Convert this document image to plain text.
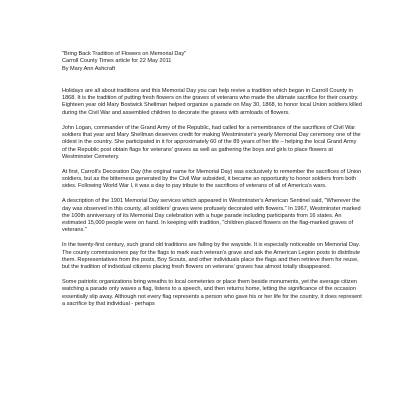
"Bring Back Tradition of Flowers on Memorial Day"

Carroll County Times article for 22 May 2011

By Mary Ann Ashcraft

Holidays are all about traditions and this Memorial Day you can help revive a tradition which began in Carroll County in 1868. It is the tradition of putting fresh flowers on the graves of veterans who made the ultimate sacrifice for their country. Eighteen year old Mary Bostwick Shellman helped organize a parade on May 30, 1868, to honor local Union soldiers killed during the Civil War and assembled children to decorate the graves with armloads of flowers.

John Logan, commander of the Grand Army of the Republic, had called for a remembrance of the sacrifices of Civil War soldiers that year and Mary Shellman deserves credit for making Westminster's yearly Memorial Day ceremony one of the oldest in the country. She participated in it for approximately 60 of the 89 years of her life – helping the local Grand Army of the Republic post obtain flags for veterans' graves as well as gathering the boys and girls to place flowers at Westminster Cemetery.

At first, Carroll's Decoration Day (the original name for Memorial Day) was exclusively to remember the sacrifices of Union soldiers, but as the bitterness generated by the Civil War subsided, it became an opportunity to honor soldiers from both sides. Following World War I, it was a day to pay tribute to the sacrifices of veterans of all of America's wars.

A description of the 1901 Memorial Day services which appeared in Westminster's American Sentinel said, "Wherever the day was observed in this county, all soldiers' graves were profusely decorated with flowers." In 1967, Westminster marked the 100th anniversary of its Memorial Day celebration with a huge parade including participants from 16 states. An estimated 15,000 people were on hand. In keeping with tradition, "children placed flowers on the flag-marked graves of veterans."

In the twenty-first century, such grand old traditions are falling by the wayside. It is especially noticeable on Memorial Day. The county commissioners pay for the flags to mark each veteran's grave and ask the American Legion posts to distribute them. Representatives from the posts, Boy Scouts, and other individuals place the flags and then retrieve them for reuse, but the tradition of individual citizens placing fresh flowers on veterans' graves has almost totally disappeared.

Some patriotic organizations bring wreaths to local cemeteries or place them beside monuments, yet the average citizen watching a parade only waves a flag, listens to a speech, and then returns home, letting the significance of the occasion essentially slip away. Although not every flag represents a person who gave his or her life for the country, it does represent a sacrifice by that individual - perhaps
